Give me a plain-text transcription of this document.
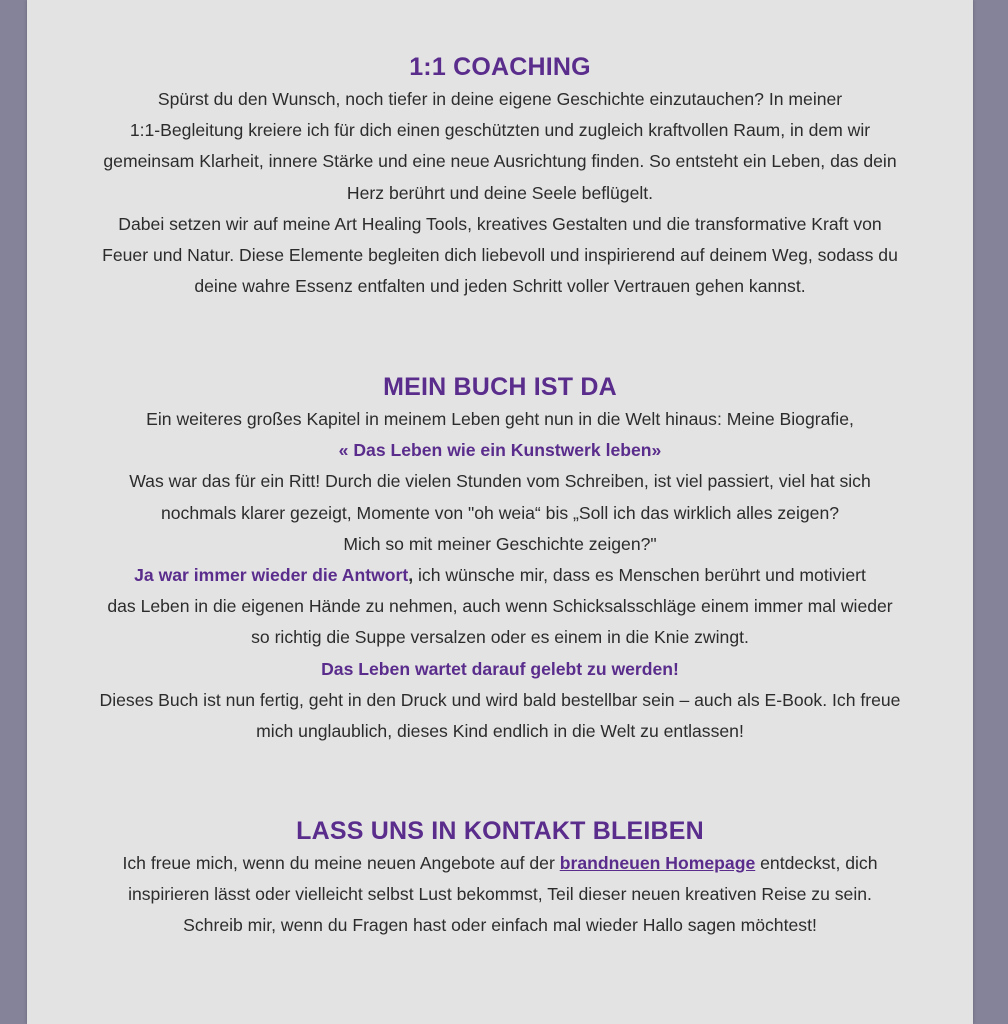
1:1 COACHING

Spürst du den Wunsch, noch tiefer in deine eigene Geschichte einzutauchen? In meiner
1:1-Begleitung kreiere ich für dich einen geschützten und zugleich kraftvollen Raum, in dem wir
gemeinsam Klarheit, innere Stärke und eine neue Ausrichtung finden. So entsteht ein Leben, das dein
Herz berührt und deine Seele beflügelt.
Dabei setzen wir auf meine Art Healing Tools, kreatives Gestalten und die transformative Kraft von
Feuer und Natur. Diese Elemente begleiten dich liebevoll und inspirierend auf deinem Weg, sodass du
deine wahre Essenz entfalten und jeden Schritt voller Vertrauen gehen kannst.

MEIN BUCH IST DA

Ein weiteres großes Kapitel in meinem Leben geht nun in die Welt hinaus: Meine Biografie,
« Das Leben wie ein Kunstwerk leben»
Was war das für ein Ritt! Durch die vielen Stunden vom Schreiben, ist viel passiert, viel hat sich
nochmals klarer gezeigt, Momente von "oh weia“ bis „Soll ich das wirklich alles zeigen?
Mich so mit meiner Geschichte zeigen?"
Ja war immer wieder die Antwort, ich wünsche mir, dass es Menschen berührt und motiviert
das Leben in die eigenen Hände zu nehmen, auch wenn Schicksalsschläge einem immer mal wieder
so richtig die Suppe versalzen oder es einem in die Knie zwingt.
Das Leben wartet darauf gelebt zu werden!
Dieses Buch ist nun fertig, geht in den Druck und wird bald bestellbar sein – auch als E-Book. Ich freue
mich unglaublich, dieses Kind endlich in die Welt zu entlassen!

LASS UNS IN KONTAKT BLEIBEN

Ich freue mich, wenn du meine neuen Angebote auf der brandneuen Homepage entdeckst, dich
inspirieren lässt oder vielleicht selbst Lust bekommst, Teil dieser neuen kreativen Reise zu sein.
Schreib mir, wenn du Fragen hast oder einfach mal wieder Hallo sagen möchtest!
